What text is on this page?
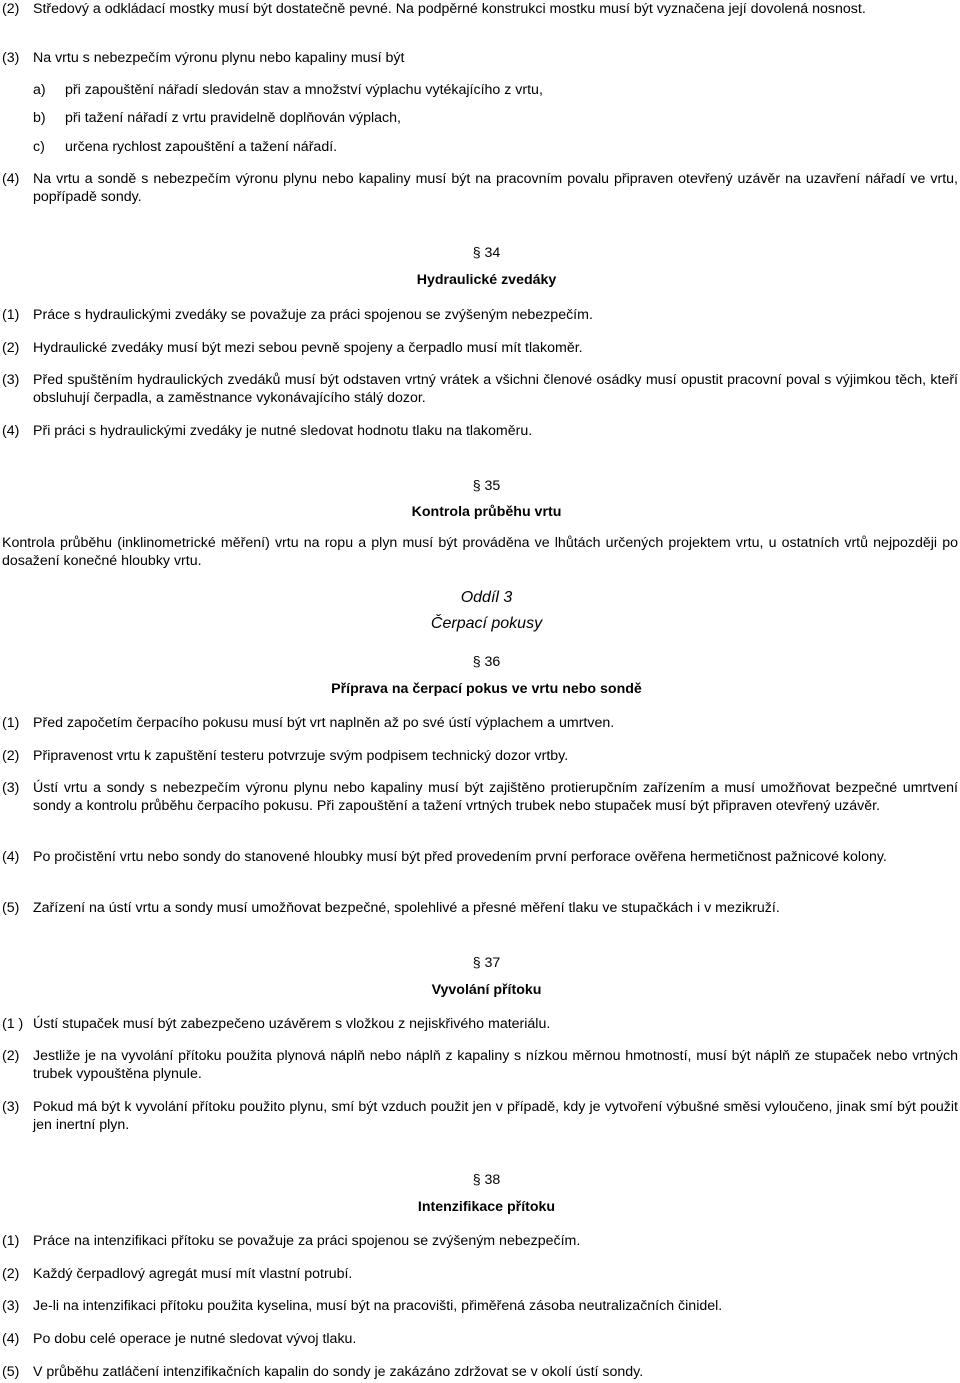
(2) Středový a odkládací mostky musí být dostatečně pevné. Na podpěrné konstrukci mostku musí být vyznačena její dovolená nosnost.
(3) Na vrtu s nebezpečím výronu plynu nebo kapaliny musí být
a) při zapouštění nářadí sledován stav a množství výplachu vytékajícího z vrtu,
b) při tažení nářadí z vrtu pravidelně doplňován výplach,
c) určena rychlost zapouštění a tažení nářadí.
(4) Na vrtu a sondě s nebezpečím výronu plynu nebo kapaliny musí být na pracovním povalu připraven otevřený uzávěr na uzavření nářadí ve vrtu, popřípadě sondy.
§ 34
Hydraulické zvedáky
(1) Práce s hydraulickými zvedáky se považuje za práci spojenou se zvýšeným nebezpečím.
(2) Hydraulické zvedáky musí být mezi sebou pevně spojeny a čerpadlo musí mít tlakoměr.
(3) Před spuštěním hydraulických zvedáků musí být odstaven vrtný vrátek a všichni členové osádky musí opustit pracovní poval s výjimkou těch, kteří obsluhují čerpadla, a zaměstnance vykonávajícího stálý dozor.
(4) Při práci s hydraulickými zvedáky je nutné sledovat hodnotu tlaku na tlakoměru.
§ 35
Kontrola průběhu vrtu
Kontrola průběhu (inklinometrické měření) vrtu na ropu a plyn musí být prováděna ve lhůtách určených projektem vrtu, u ostatních vrtů nejpozději po dosažení konečné hloubky vrtu.
Oddíl 3
Čerpací pokusy
§ 36
Příprava na čerpací pokus ve vrtu nebo sondě
(1) Před započetím čerpacího pokusu musí být vrt naplněn až po své ústí výplachem a umrtven.
(2) Připravenost vrtu k zapuštění testeru potvrzuje svým podpisem technický dozor vrtby.
(3) Ústí vrtu a sondy s nebezpečím výronu plynu nebo kapaliny musí být zajištěno protierupčním zařízením a musí umožňovat bezpečné umrtvení sondy a kontrolu průběhu čerpacího pokusu. Při zapouštění a tažení vrtných trubek nebo stupaček musí být připraven otevřený uzávěr.
(4) Po pročistění vrtu nebo sondy do stanovené hloubky musí být před provedením první perforace ověřena hermetičnost pažnicové kolony.
(5) Zařízení na ústí vrtu a sondy musí umožňovat bezpečné, spolehlivé a přesné měření tlaku ve stupačkách i v mezikruží.
§ 37
Vyvolání přítoku
(1 ) Ústí stupaček musí být zabezpečeno uzávěrem s vložkou z nejiskřivého materiálu.
(2) Jestliže je na vyvolání přítoku použita plynová náplň nebo náplň z kapaliny s nízkou měrnou hmotností, musí být náplň ze stupaček nebo vrtných trubek vypouštěna plynule.
(3) Pokud má být k vyvolání přítoku použito plynu, smí být vzduch použit jen v případě, kdy je vytvoření výbušné směsi vyloučeno, jinak smí být použit jen inertní plyn.
§ 38
Intenzifikace přítoku
(1) Práce na intenzifikaci přítoku se považuje za práci spojenou se zvýšeným nebezpečím.
(2) Každý čerpadlový agregát musí mít vlastní potrubí.
(3) Je-li na intenzifikaci přítoku použita kyselina, musí být na pracovišti, přiměřená zásoba neutralizačních činidel.
(4) Po dobu celé operace je nutné sledovat vývoj tlaku.
(5) V průběhu zatláčení intenzifikačních kapalin do sondy je zakázáno zdržovat se v okolí ústí sondy.
